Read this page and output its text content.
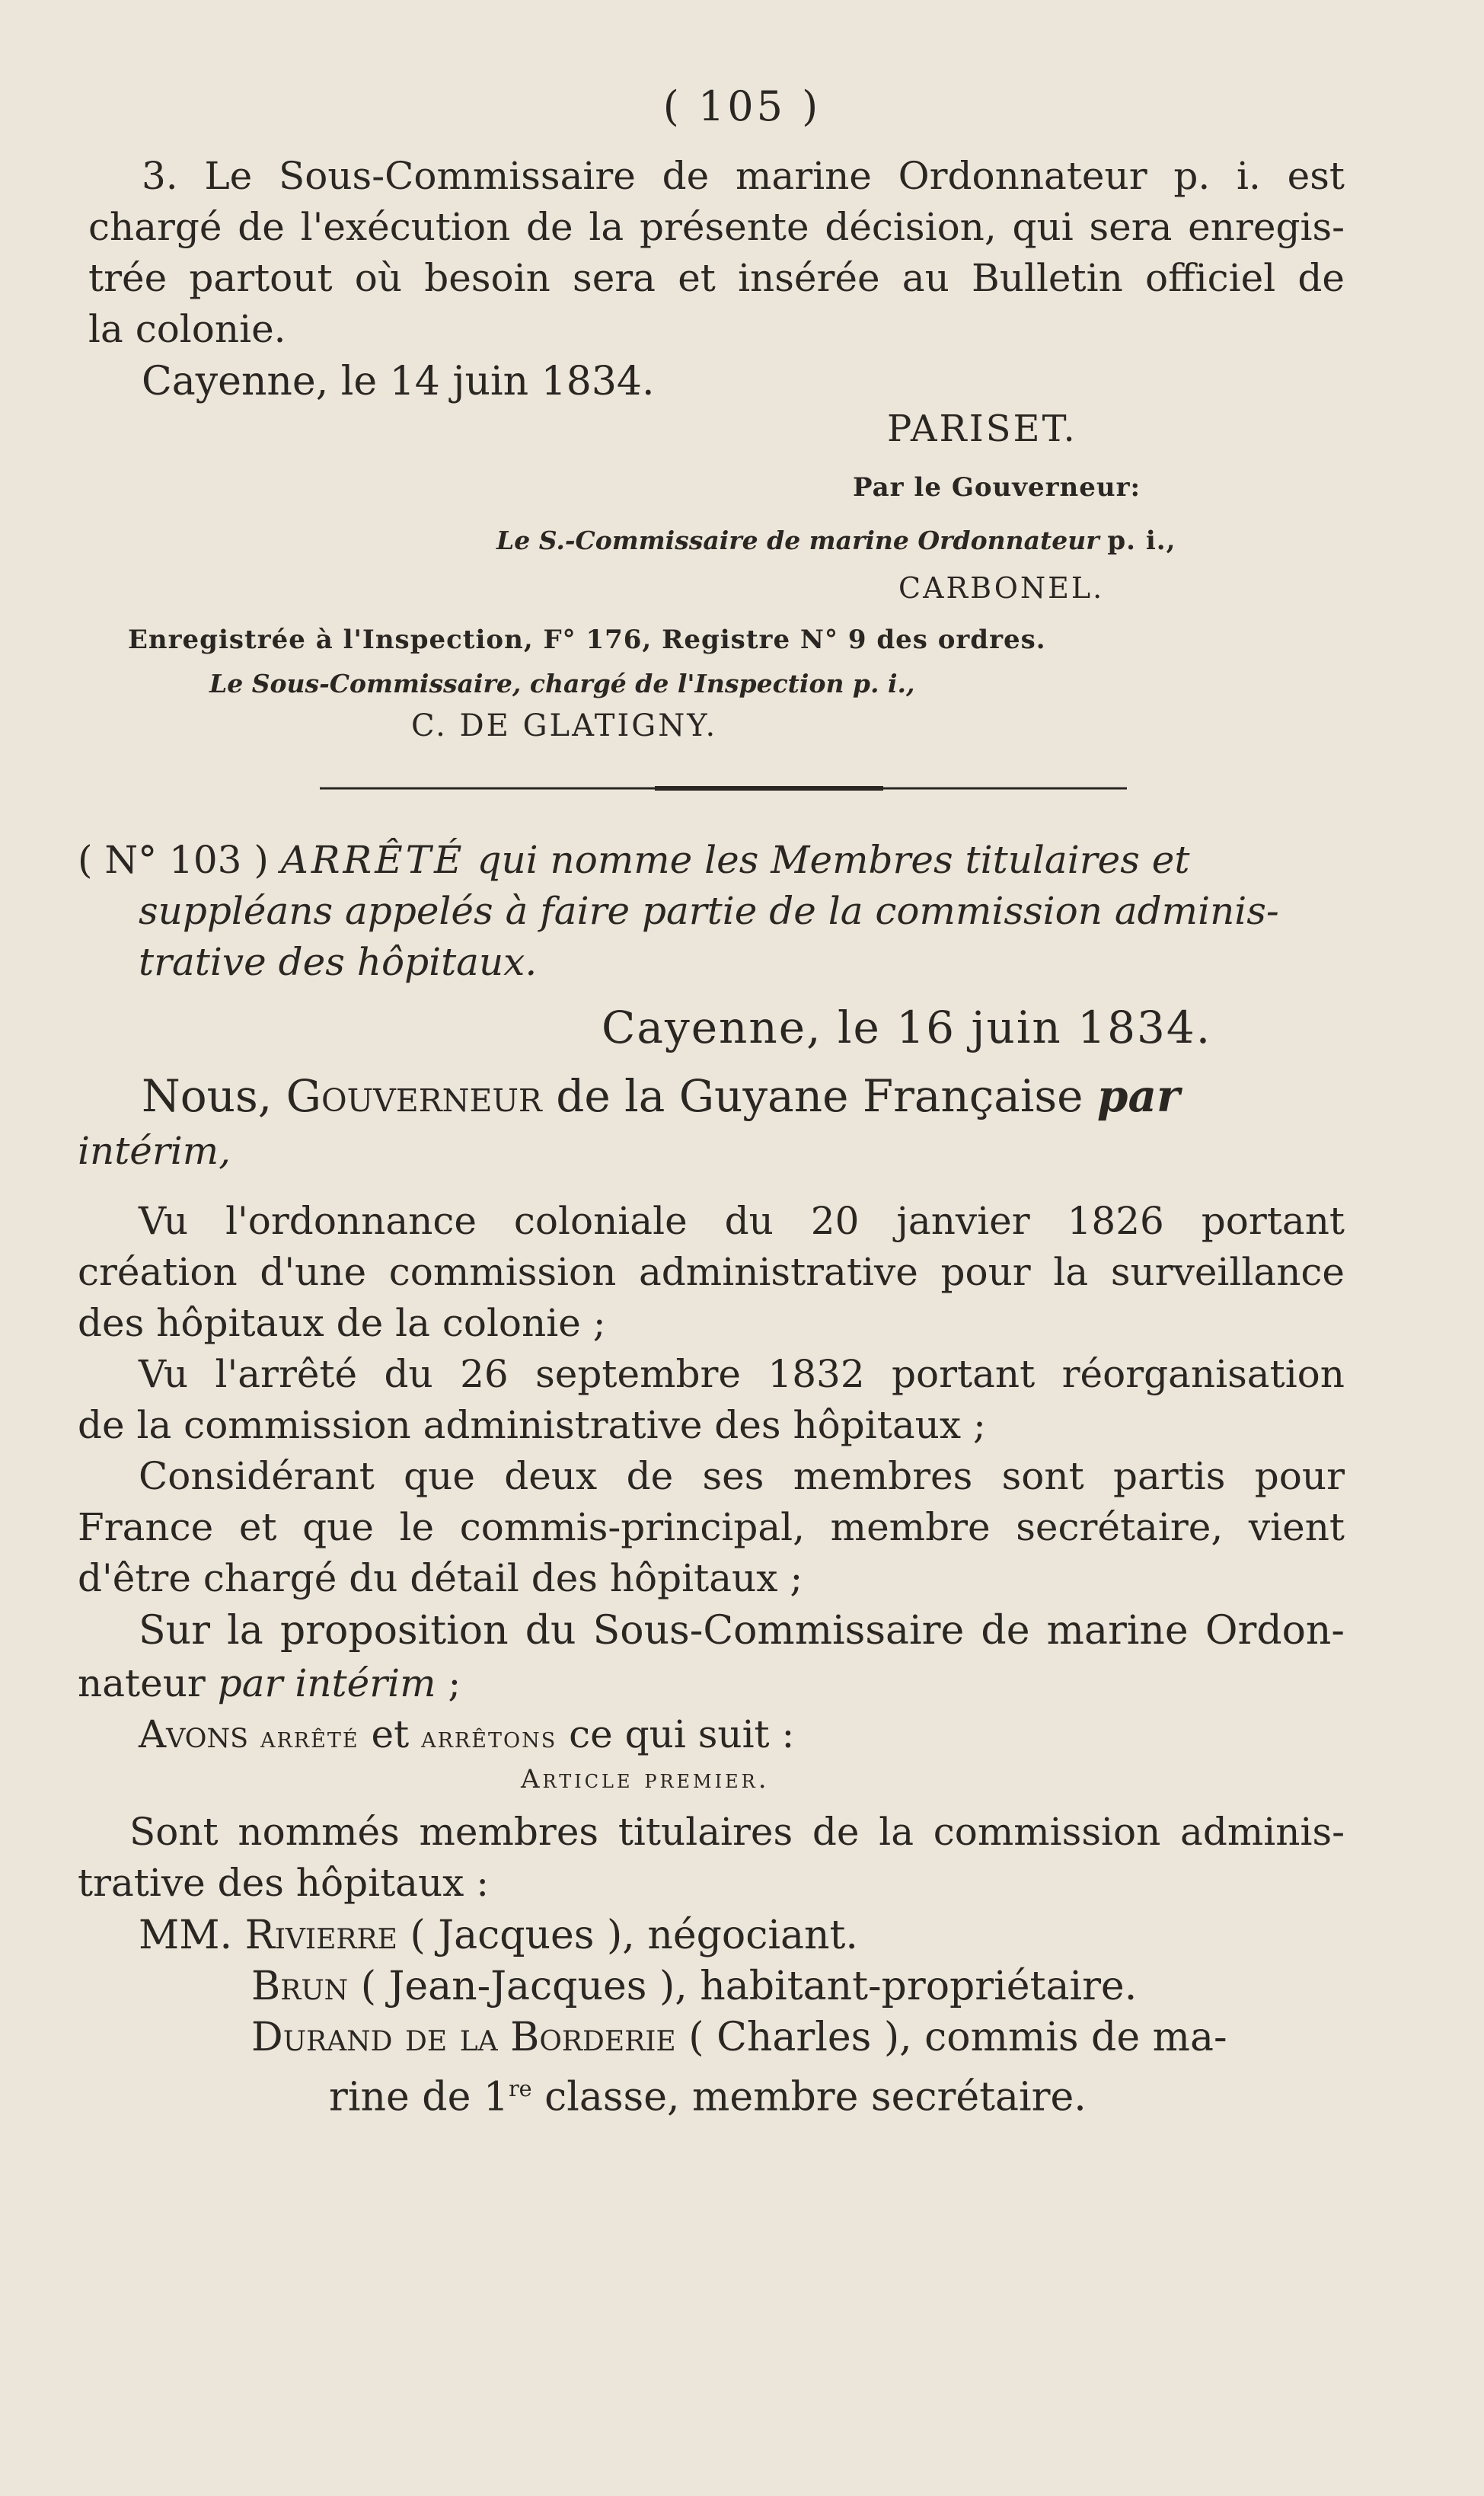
( 105 )

3. Le Sous-Commissaire de marine Ordonnateur p. i. est

chargé de l'exécution de la présente décision, qui sera enregis-

trée partout où besoin sera et insérée au Bulletin officiel de

la colonie.

Cayenne, le 14 juin 1834.

PARISET.

Par le Gouverneur:

Le S.-Commissaire de marine Ordonnateur p. i.,

CARBONEL.

Enregistrée à l'Inspection, F° 176, Registre N° 9 des ordres.

Le Sous-Commissaire, chargé de l'Inspection p. i.,

C. DE GLATIGNY.

( N° 103 ) ARRÊTÉ qui nomme les Membres titulaires et

suppléans appelés à faire partie de la commission adminis-

trative des hôpitaux.

Cayenne, le 16 juin 1834.

Nous, Gouverneur de la Guyane Française par

intérim,

Vu l'ordonnance coloniale du 20 janvier 1826 portant

création d'une commission administrative pour la surveillance

des hôpitaux de la colonie ;

Vu l'arrêté du 26 septembre 1832 portant réorganisation

de la commission administrative des hôpitaux ;

Considérant que deux de ses membres sont partis pour

France et que le commis-principal, membre secrétaire, vient

d'être chargé du détail des hôpitaux ;

Sur la proposition du Sous-Commissaire de marine Ordon-

nateur par intérim ;

Avons arrêté et arrêtons ce qui suit :

Article premier.

Sont nommés membres titulaires de la commission adminis-

trative des hôpitaux :

MM. Rivierre ( Jacques ), négociant.

Brun ( Jean-Jacques ), habitant-propriétaire.

Durand de la Borderie ( Charles ), commis de ma-

rine de 1re classe, membre secrétaire.
